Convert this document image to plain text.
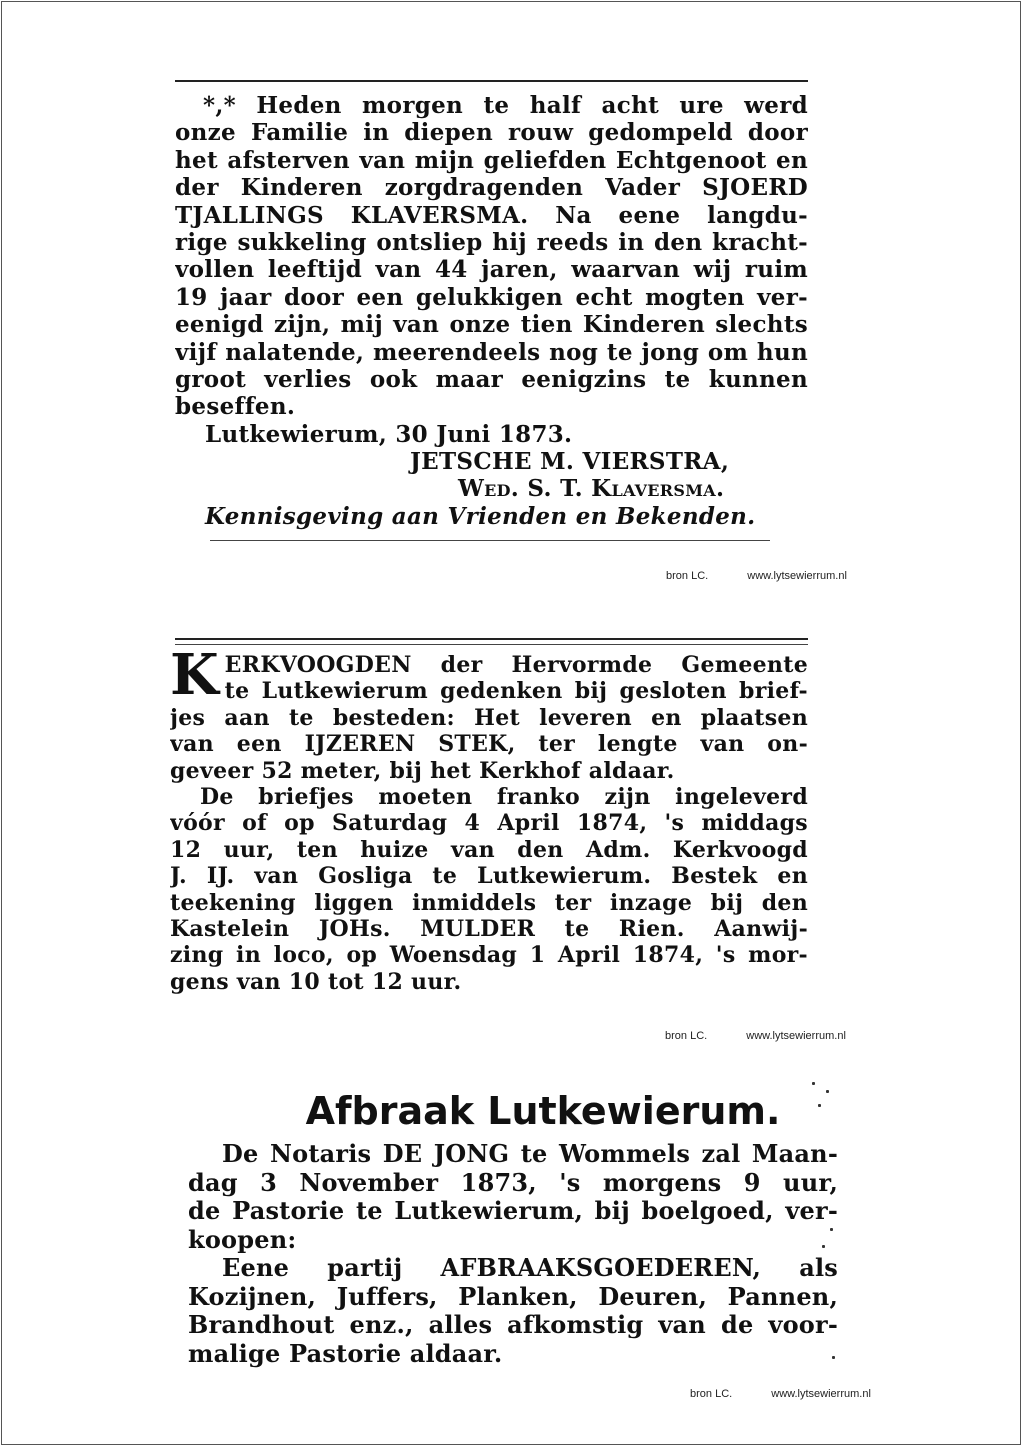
*,* Heden morgen te half acht ure werd
onze Familie in diepen rouw gedompeld door
het afsterven van mijn geliefden Echtgenoot en
der Kinderen zorgdragenden Vader SJOERD
TJALLINGS KLAVERSMA. Na eene langdu-
rige sukkeling ontsliep hij reeds in den kracht-
vollen leeftijd van 44 jaren, waarvan wij ruim
19 jaar door een gelukkigen echt mogten ver-
eenigd zijn, mij van onze tien Kinderen slechts
vijf nalatende, meerendeels nog te jong om hun
groot verlies ook maar eenigzins te kunnen
beseffen.
Lutkewierum, 30 Juni 1873.
JETSCHE M. VIERSTRA,
Wed. S. T. Klaversma.
Kennisgeving aan Vrienden en Bekenden.
bron LC.	www.lytsewierrum.nl
K ERKVOOGDEN der Hervormde Gemeente
te Lutkewierum gedenken bij gesloten brief-
jes aan te besteden: Het leveren en plaatsen
van een IJZEREN STEK, ter lengte van on-
geveer 52 meter, bij het Kerkhof aldaar.
De briefjes moeten franko zijn ingeleverd
vóór of op Saturdag 4 April 1874, 's middags
12 uur, ten huize van den Adm. Kerkvoogd
J. IJ. van Gosliga te Lutkewierum. Bestek en
teekening liggen inmiddels ter inzage bij den
Kastelein JOHs. MULDER te Rien. Aanwij-
zing in loco, op Woensdag 1 April 1874, 's mor-
gens van 10 tot 12 uur.
bron LC.	www.lytsewierrum.nl
Afbraak Lutkewierum.
De Notaris DE JONG te Wommels zal Maan-
dag 3 November 1873, 's morgens 9 uur,
de Pastorie te Lutkewierum, bij boelgoed, ver-
koopen:
Eene partij AFBRAAKSGOEDEREN, als
Kozijnen, Juffers, Planken, Deuren, Pannen,
Brandhout enz., alles afkomstig van de voor-
malige Pastorie aldaar.
bron LC.	www.lytsewierrum.nl
